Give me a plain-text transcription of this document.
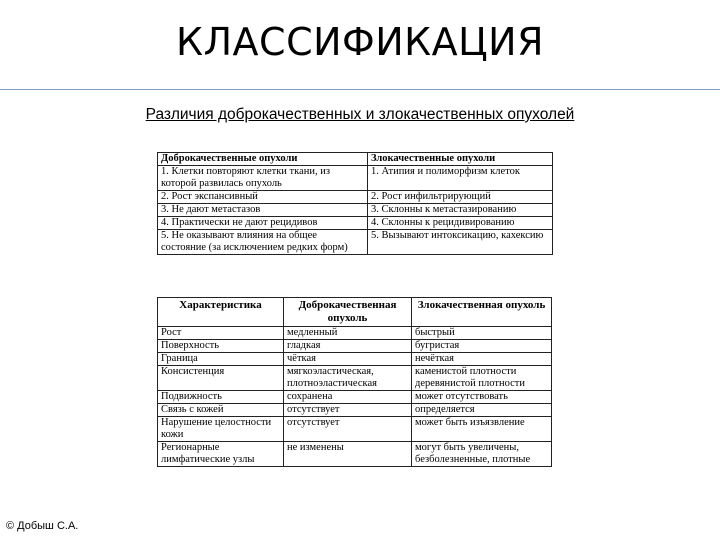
КЛАССИФИКАЦИЯ
Различия доброкачественных и злокачественных опухолей
Доброкачественные опухоли	Злокачественные опухоли
1. Клетки повторяют клетки ткани, из которой развилась опухоль	1. Атипия и полиморфизм клеток
2. Рост экспансивный	2. Рост инфильтрирующий
3. Не дают метастазов	3. Склонны к метастазированию
4. Практически не дают рецидивов	4. Склонны к рецидивированию
5. Не оказывают влияния на общее состояние (за исключением редких форм)	5. Вызывают интоксикацию, кахексию
Характеристика	Доброкачественная опухоль	Злокачественная опухоль
Рост	медленный	быстрый
Поверхность	гладкая	бугристая
Граница	чёткая	нечёткая
Консистенция	мягкоэластическая, плотноэластическая	каменистой плотности деревянистой плотности
Подвижность	сохранена	может отсутствовать
Связь с кожей	отсутствует	определяется
Нарушение целостности кожи	отсутствует	может быть изъязвление
Регионарные лимфатические узлы	не изменены	могут быть увеличены, безболезненные, плотные
© Добыш С.А.
